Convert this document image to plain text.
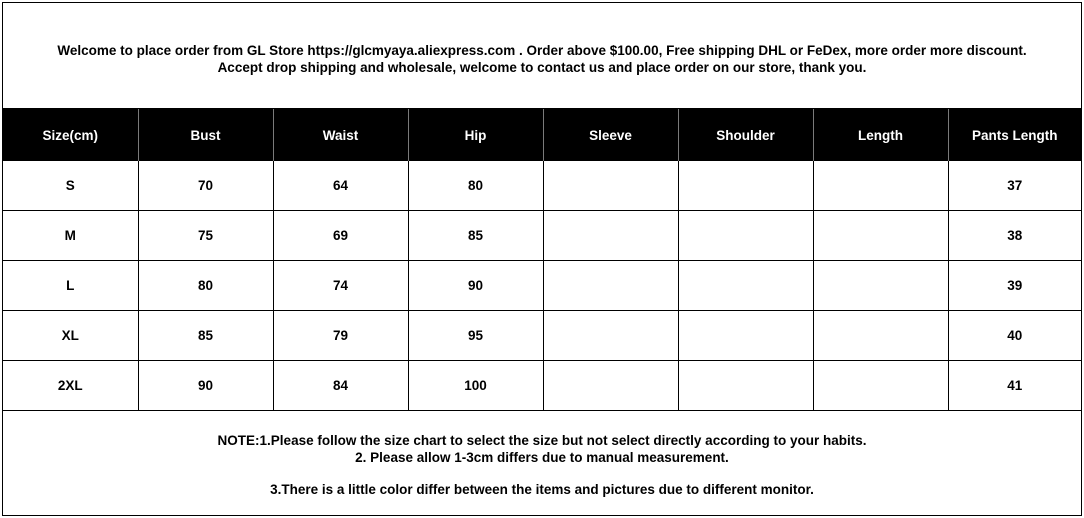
Welcome to place order from GL Store https://glcmyaya.aliexpress.com . Order above $100.00, Free shipping DHL or FeDex, more order more discount.
Accept drop shipping and wholesale, welcome to contact us and place order on our store, thank you.
Size(cm)	Bust	Waist	Hip	Sleeve	Shoulder	Length	Pants Length
S	70	64	80				37
M	75	69	85				38
L	80	74	90				39
XL	85	79	95				40
2XL	90	84	100				41
NOTE:1.Please follow the size chart to select the size but not select directly according to your habits.
2. Please allow 1-3cm differs due to manual measurement.
3.There is a little color differ between the items and pictures due to different monitor.
